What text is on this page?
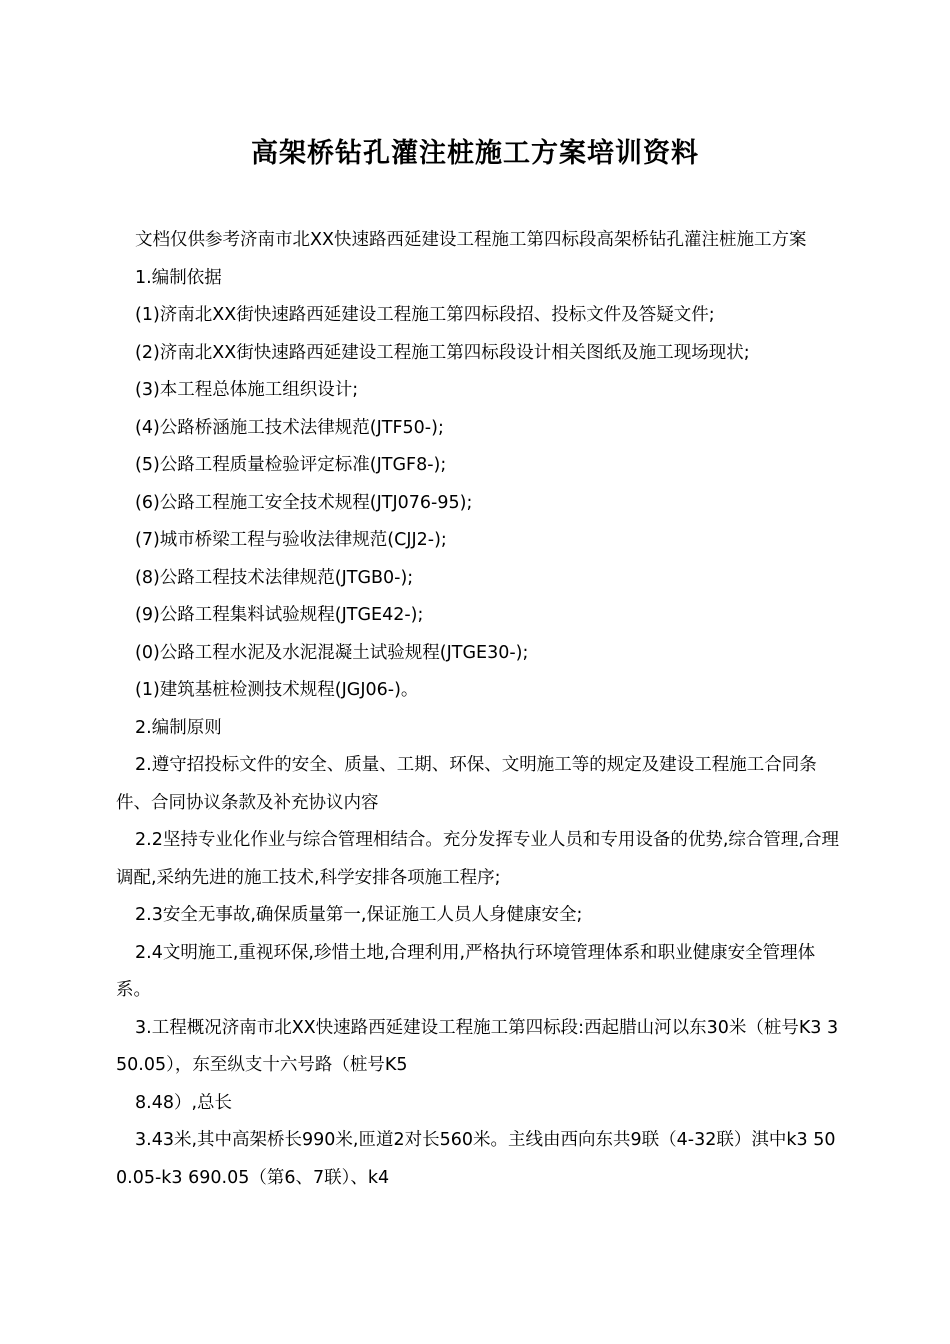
高架桥钻孔灌注桩施工方案培训资料

文档仅供参考济南市北XX快速路西延建设工程施工第四标段高架桥钻孔灌注桩施工方案

1.编制依据

(1)济南北XX街快速路西延建设工程施工第四标段招、投标文件及答疑文件;

(2)济南北XX街快速路西延建设工程施工第四标段设计相关图纸及施工现场现状;

(3)本工程总体施工组织设计;

(4)公路桥涵施工技术法律规范(JTF50-);

(5)公路工程质量检验评定标准(JTGF8-);

(6)公路工程施工安全技术规程(JTJ076-95);

(7)城市桥梁工程与验收法律规范(CJJ2-);

(8)公路工程技术法律规范(JTGB0-);

(9)公路工程集料试验规程(JTGE42-);

(0)公路工程水泥及水泥混凝土试验规程(JTGE30-);

(1)建筑基桩检测技术规程(JGJ06-)。

2.编制原则

2.遵守招投标文件的安全、质量、工期、环保、文明施工等的规定及建设工程施工合同条件、合同协议条款及补充协议内容

2.2坚持专业化作业与综合管理相结合。充分发挥专业人员和专用设备的优势,综合管理,合理调配,采纳先进的施工技术,科学安排各项施工程序;

2.3安全无事故,确保质量第一,保证施工人员人身健康安全;

2.4文明施工,重视环保,珍惜土地,合理利用,严格执行环境管理体系和职业健康安全管理体系。

3.工程概况济南市北XX快速路西延建设工程施工第四标段:西起腊山河以东30米（桩号K3 350.05），东至纵支十六号路（桩号K5

8.48）,总长

3.43米,其中高架桥长990米,匝道2对长560米。主线由西向东共9联（4-32联）淇中k3 500.05-k3 690.05（第6、7联）、k4
